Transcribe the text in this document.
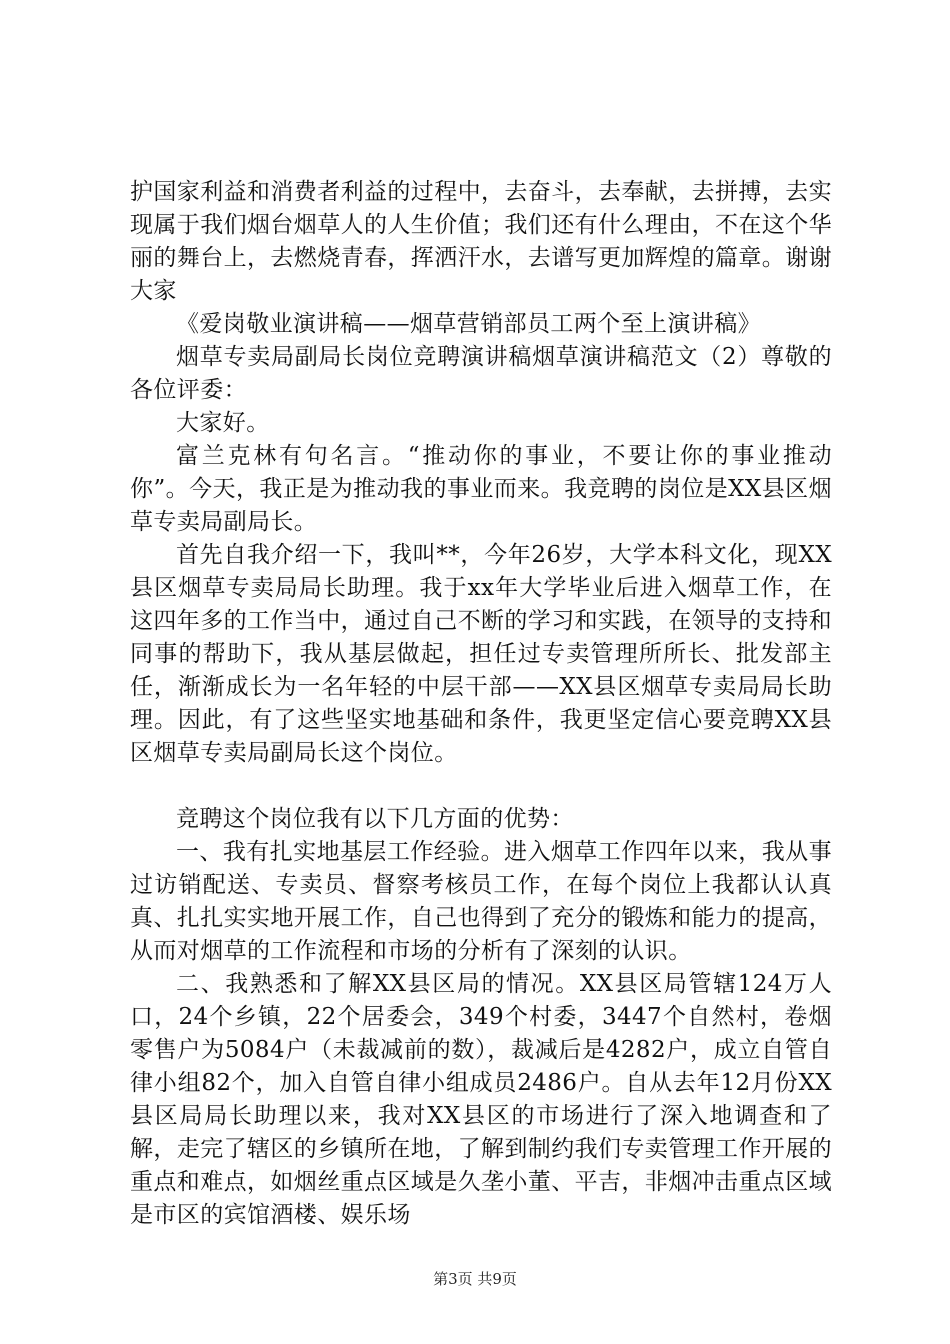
护国家利益和消费者利益的过程中，去奋斗，去奉献，去拼搏，去实现属于我们烟台烟草人的人生价值；我们还有什么理由，不在这个华丽的舞台上，去燃烧青春，挥洒汗水，去谱写更加辉煌的篇章。谢谢大家

《爱岗敬业演讲稿——烟草营销部员工两个至上演讲稿》

烟草专卖局副局长岗位竞聘演讲稿烟草演讲稿范文（2）尊敬的各位评委：

大家好。

富兰克林有句名言。“推动你的事业，不要让你的事业推动你”。今天，我正是为推动我的事业而来。我竞聘的岗位是XX县区烟草专卖局副局长。

首先自我介绍一下，我叫**，今年26岁，大学本科文化，现XX县区烟草专卖局局长助理。我于xx年大学毕业后进入烟草工作，在这四年多的工作当中，通过自己不断的学习和实践，在领导的支持和同事的帮助下，我从基层做起，担任过专卖管理所所长、批发部主任，渐渐成长为一名年轻的中层干部——XX县区烟草专卖局局长助理。因此，有了这些坚实地基础和条件，我更坚定信心要竞聘XX县区烟草专卖局副局长这个岗位。

竞聘这个岗位我有以下几方面的优势：

一、我有扎实地基层工作经验。进入烟草工作四年以来，我从事过访销配送、专卖员、督察考核员工作，在每个岗位上我都认认真真、扎扎实实地开展工作，自己也得到了充分的锻炼和能力的提高，从而对烟草的工作流程和市场的分析有了深刻的认识。

二、我熟悉和了解XX县区局的情况。XX县区局管辖124万人口，24个乡镇，22个居委会，349个村委，3447个自然村，卷烟零售户为5084户（未裁减前的数），裁减后是4282户，成立自管自律小组82个，加入自管自律小组成员2486户。自从去年12月份XX县区局局长助理以来，我对XX县区的市场进行了深入地调查和了解，走完了辖区的乡镇所在地，了解到制约我们专卖管理工作开展的重点和难点，如烟丝重点区域是久垄小董、平吉，非烟冲击重点区域是市区的宾馆酒楼、娱乐场

第3页 共9页
